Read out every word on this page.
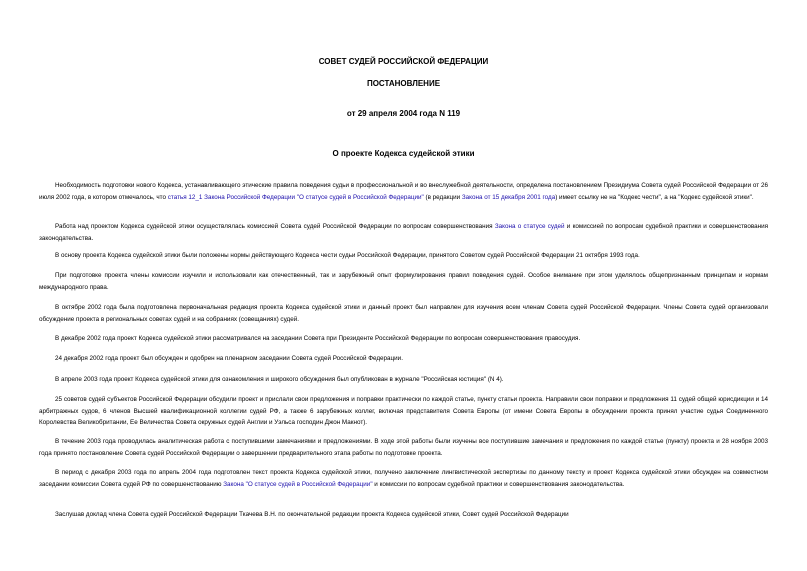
СОВЕТ СУДЕЙ РОССИЙСКОЙ ФЕДЕРАЦИИ
ПОСТАНОВЛЕНИЕ
от 29 апреля 2004 года N 119
О проекте Кодекса судейской этики

Необходимость подготовки нового Кодекса, устанавливающего этические правила поведения судьи в профессиональной и во внеслужебной деятельности, определена постановлением Президиума Совета судей Российской Федерации от 26 июля 2002 года, в котором отмечалось, что статья 12_1 Закона Российской Федерации "О статусе судей в Российской Федерации" (в редакции Закона от 15 декабря 2001 года) имеет ссылку не на "Кодекс чести", а на "Кодекс судейской этики".

Работа над проектом Кодекса судейской этики осуществлялась комиссией Совета судей Российской Федерации по вопросам совершенствования Закона о статусе судей и комиссией по вопросам судебной практики и совершенствования законодательства.

В основу проекта Кодекса судейской этики были положены нормы действующего Кодекса чести судьи Российской Федерации, принятого Советом судей Российской Федерации 21 октября 1993 года.

При подготовке проекта члены комиссии изучили и использовали как отечественный, так и зарубежный опыт формулирования правил поведения судей. Особое внимание при этом уделялось общепризнанным принципам и нормам международного права.

В октябре 2002 года была подготовлена первоначальная редакция проекта Кодекса судейской этики и данный проект был направлен для изучения всем членам Совета судей Российской Федерации. Члены Совета судей организовали обсуждение проекта в региональных советах судей и на собраниях (совещаниях) судей.

В декабре 2002 года проект Кодекса судейской этики рассматривался на заседании Совета при Президенте Российской Федерации по вопросам совершенствования правосудия.

24 декабря 2002 года проект был обсужден и одобрен на пленарном заседании Совета судей Российской Федерации.

В апреле 2003 года проект Кодекса судейской этики для ознакомления и широкого обсуждения был опубликован в журнале "Российская юстиция" (N 4).

25 советов судей субъектов Российской Федерации обсудили проект и прислали свои предложения и поправки практически по каждой статье, пункту статьи проекта. Направили свои поправки и предложения 11 судей общей юрисдикции и 14 арбитражных судов, 6 членов Высшей квалификационной коллегии судей РФ, а также 6 зарубежных коллег, включая представителя Совета Европы (от имени Совета Европы в обсуждении проекта принял участие судья Соединенного Королевства Великобритании, Ее Величества Совета окружных судей Англии и Уэльса господин Джон Макнот).

В течение 2003 года проводилась аналитическая работа с поступившими замечаниями и предложениями. В ходе этой работы были изучены все поступившие замечания и предложения по каждой статье (пункту) проекта и 28 ноября 2003 года принято постановление Совета судей Российской Федерации о завершении предварительного этапа работы по подготовке проекта.

В период с декабря 2003 года по апрель 2004 года подготовлен текст проекта Кодекса судейской этики, получено заключение лингвистической экспертизы по данному тексту и проект Кодекса судейской этики обсужден на совместном заседании комиссии Совета судей РФ по совершенствованию Закона "О статусе судей в Российской Федерации" и комиссии по вопросам судебной практики и совершенствования законодательства.

Заслушав доклад члена Совета судей Российской Федерации Ткачева В.Н. по окончательной редакции проекта Кодекса судейской этики, Совет судей Российской Федерации
